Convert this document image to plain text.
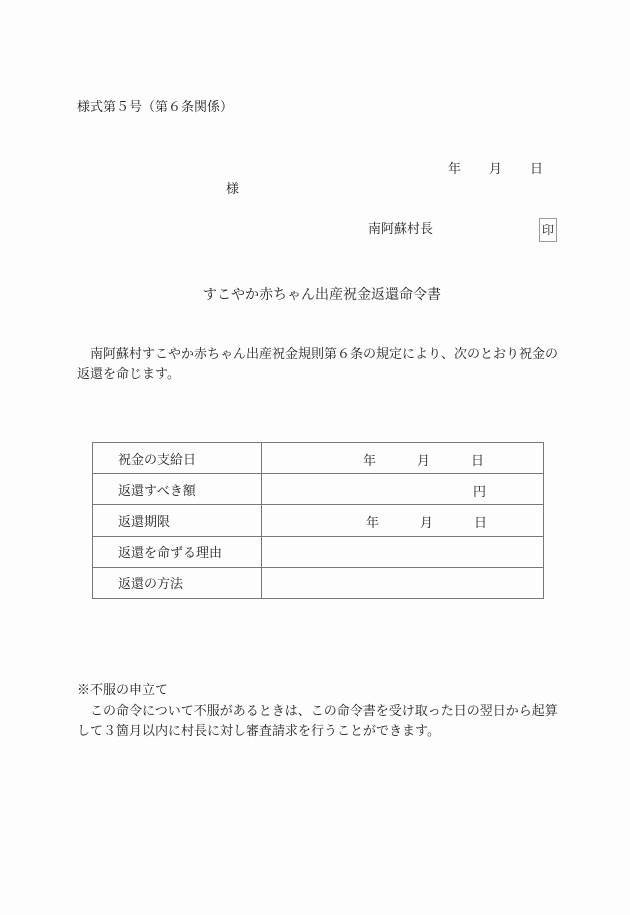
様式第５号（第６条関係）
年 月 日
様
南阿蘇村長	印
すこやか赤ちゃん出産祝金返還命令書
　南阿蘇村すこやか赤ちゃん出産祝金規則第６条の規定により、次のとおり祝金の返還を命じます。
祝金の支給日	年 月 日

返還すべき額	円

返還期限	年 月 日

返還を命ずる理由	
返還の方法	
※不服の申立て
　この命令について不服があるときは、この命令書を受け取った日の翌日から起算して３箇月以内に村長に対し審査請求を行うことができます。
